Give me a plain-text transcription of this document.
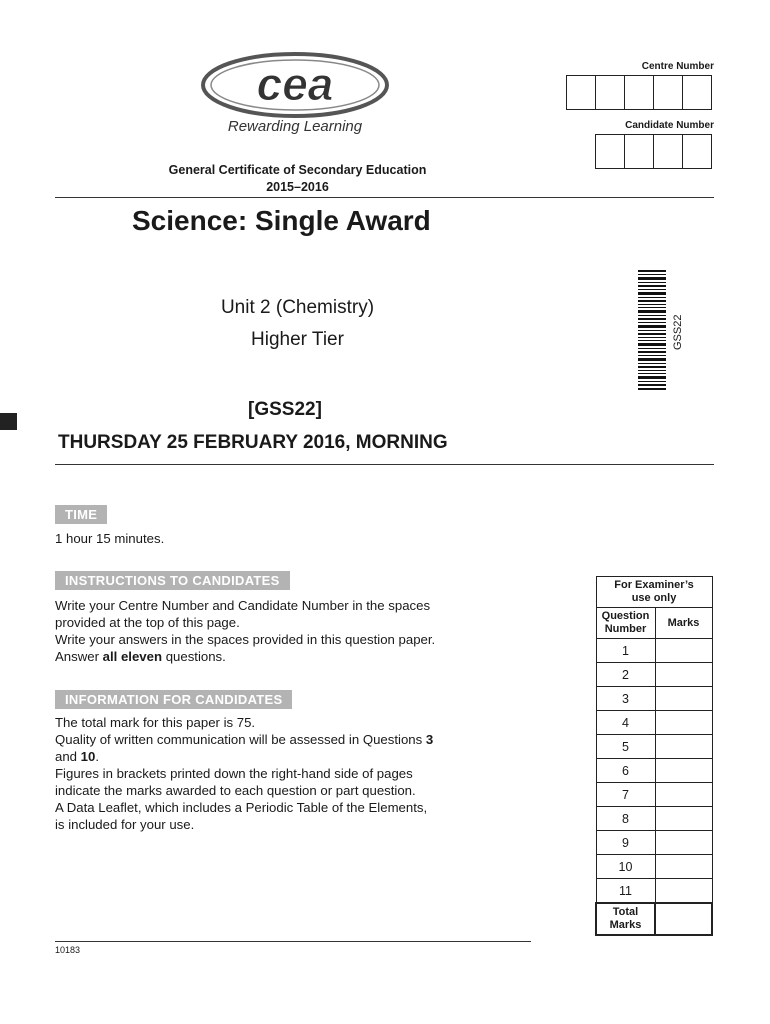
cea
Rewarding Learning
Centre Number
Candidate Number
General Certificate of Secondary Education
2015–2016
Science: Single Award
Unit 2 (Chemistry)
Higher Tier	GSS22
[GSS22]
THURSDAY 25 FEBRUARY 2016, MORNING
TIME
1 hour 15 minutes.
INSTRUCTIONS TO CANDIDATES
Write your Centre Number and Candidate Number in the spaces
provided at the top of this page.
Write your answers in the spaces provided in this question paper.
Answer all eleven questions.
INFORMATION FOR CANDIDATES
The total mark for this paper is 75.
Quality of written communication will be assessed in Questions 3
and 10.
Figures in brackets printed down the right-hand side of pages
indicate the marks awarded to each question or part question.
A Data Leaflet, which includes a Periodic Table of the Elements,
is included for your use.
For Examiner’s
use only	

Question
Number	Marks
1	
2	
3	
4	
5	
6	
7	
8	
9	
10	
11	

Total
Marks	

10183
